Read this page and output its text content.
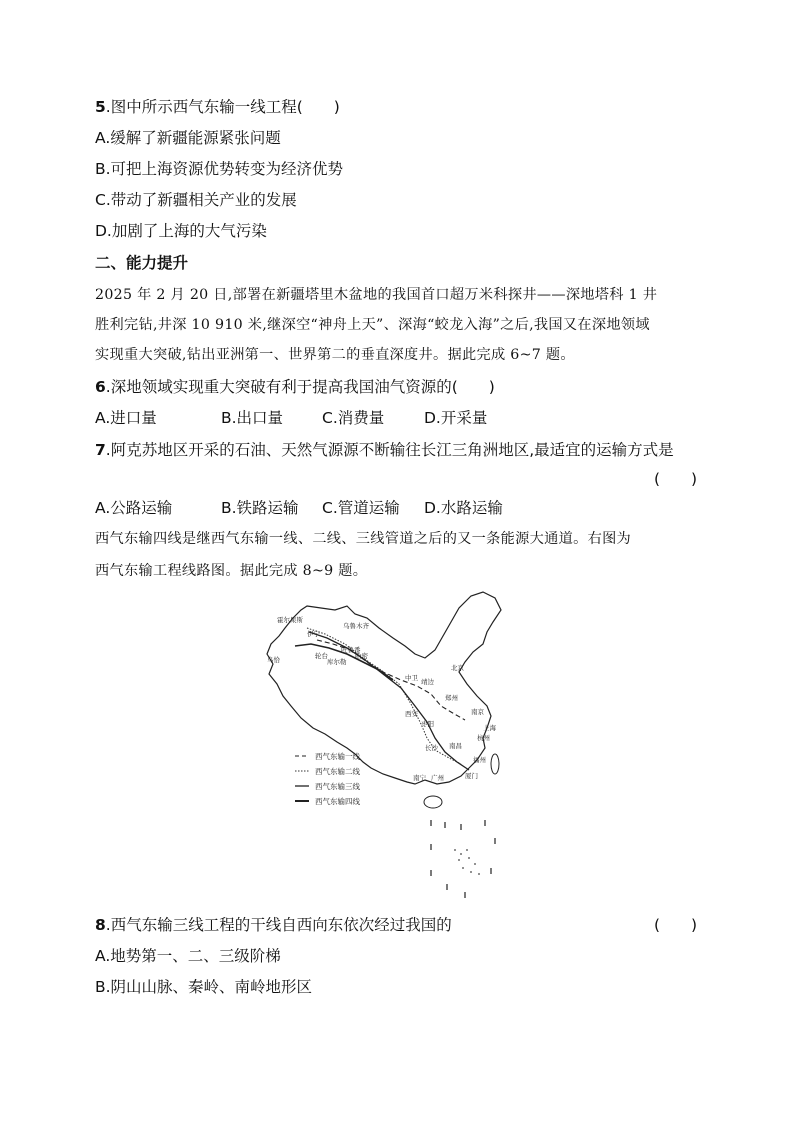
5.图中所示西气东输一线工程(　　)
A.缓解了新疆能源紧张问题
B.可把上海资源优势转变为经济优势
C.带动了新疆相关产业的发展
D.加剧了上海的大气污染
二、能力提升
2025 年 2 月 20 日,部署在新疆塔里木盆地的我国首口超万米科探井——深地塔科 1 井
胜利完钻,井深 10 910 米,继深空“神舟上天”、深海“蛟龙入海”之后,我国又在深地领域
实现重大突破,钻出亚洲第一、世界第二的垂直深度井。据此完成 6~7 题。
6.深地领域实现重大突破有利于提高我国油气资源的(　　)
A.进口量	B.出口量	C.消费量	D.开采量
7.阿克苏地区开采的石油、天然气源源不断输往长江三角洲地区,最适宜的运输方式是
(　　)
A.公路运输	B.铁路运输 C.管道运输 D.水路运输
西气东输四线是继西气东输一线、二线、三线管道之后的又一条能源大通道。右图为
西气东输工程线路图。据此完成 8~9 题。
霍尔果斯
伊宁
乌鲁木齐
乌恰	轮台
库尔勒
吐鲁番
哈密
中卫 靖边
北京
郑州
西安
枣阳
南京
上海
杭州
长沙 南昌
福州
南宁 广州	厦门
西气东输一线
西气东输二线
西气东输三线
西气东输四线
8.西气东输三线工程的干线自西向东依次经过我国的	(　　)
A.地势第一、二、三级阶梯
B.阴山山脉、秦岭、南岭地形区
